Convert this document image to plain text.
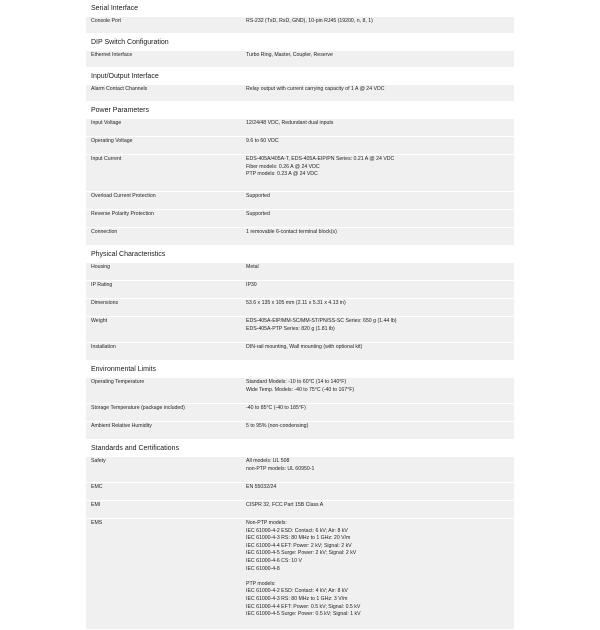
Serial Interface
Console Port	RS-232 (TxD, RxD, GND), 10-pin RJ45 (19200, n, 8, 1)
DIP Switch Configuration
Ethernet Interface	Turbo Ring, Master, Coupler, Reserve
Input/Output Interface
Alarm Contact Channels	Relay output with current carrying capacity of 1 A @ 24 VDC
Power Parameters
Input Voltage	12/24/48 VDC, Redundant dual inputs
Operating Voltage	9.6 to 60 VDC
Input Current	EDS-405A/405A-T, EDS-405A-EIP/PN Series: 0.21 A @ 24 VDC
Fiber models: 0.26 A @ 24 VDC
PTP models: 0.23 A @ 24 VDC
Overload Current Protection	Supported
Reverse Polarity Protection	Supported
Connection	1 removable 6-contact terminal block(s)
Physical Characteristics
Housing	Metal
IP Rating	IP30
Dimensions	53.6 x 135 x 105 mm (2.11 x 5.31 x 4.13 in)
Weight	EDS-405A-EIP/MM-SC/MM-ST/PN/SS-SC Series: 650 g (1.44 lb)
EDS-405A-PTP Series: 820 g (1.81 lb)
Installation	DIN-rail mounting, Wall mounting (with optional kit)
Environmental Limits
Operating Temperature	Standard Models: -10 to 60°C (14 to 140°F)
Wide Temp. Models: -40 to 75°C (-40 to 167°F)
Storage Temperature (package included)	-40 to 85°C (-40 to 185°F)
Ambient Relative Humidity	5 to 95% (non-condensing)
Standards and Certifications
Safety	All models: UL 508
non-PTP models: UL 60950-1
EMC	EN 55032/24
EMI	CISPR 32, FCC Part 15B Class A
EMS	Non-PTP models:
IEC 61000-4-2 ESD: Contact: 6 kV; Air: 8 kV
IEC 61000-4-3 RS: 80 MHz to 1 GHz: 20 V/m
IEC 61000-4-4 EFT: Power: 2 kV; Signal: 2 kV
IEC 61000-4-5 Surge: Power: 2 kV; Signal: 2 kV
IEC 61000-4-6 CS: 10 V
IEC 61000-4-8
PTP models:
IEC 61000-4-2 ESD: Contact: 4 kV; Air: 8 kV
IEC 61000-4-3 RS: 80 MHz to 1 GHz: 3 V/m
IEC 61000-4-4 EFT: Power: 0.5 kV; Signal: 0.5 kV
IEC 61000-4-5 Surge: Power: 0.5 kV; Signal: 1 kV
